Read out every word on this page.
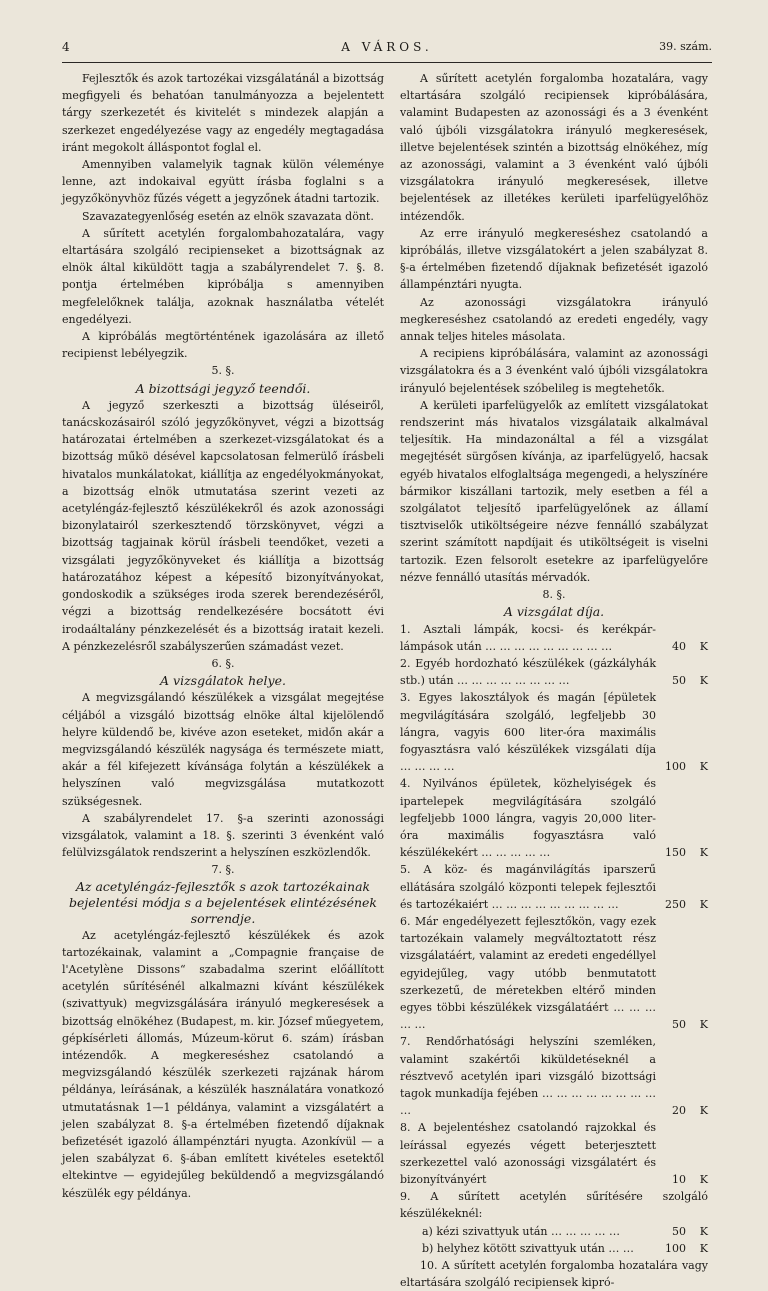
4	A VÁROS.	39. szám.

Fejlesztők és azok tartozékai vizsgálatánál a bizottság megfigyeli és behatóan tanulmányozza a bejelentett tárgy szerkezetét és kivitelét s mindezek alapján a szerkezet engedélyezése vagy az engedély megtagadása iránt megokolt álláspontot foglal el.

Amennyiben valamelyik tagnak külön véleménye lenne, azt indokaival együtt írásba foglalni s a jegyzőkönyvhöz fűzés végett a jegyzőnek átadni tartozik.

Szavazategyenlőség esetén az elnök szavazata dönt.

A sűrített acetylén forgalombahozatalára, vagy eltartására szolgáló recipienseket a bizottságnak az elnök által kiküldött tagja a szabályrendelet 7. §. 8. pontja értelmében kipróbálja s amennyiben megfelelőknek találja, azoknak használatba vételét engedélyezi.

A kipróbálás megtörténtének igazolására az illető recipienst lebélyegzik.

5. §.

A bizottsági jegyző teendői.

A jegyző szerkeszti a bizottság üléseiről, tanácskozásairól szóló jegyzőkönyvet, végzi a bizottság határozatai értelmében a szerkezet-vizsgálatokat és a bizottság műkö désével kapcsolatosan felmerülő írásbeli hivatalos munkálatokat, kiállítja az engedélyokmányokat, a bizottság elnök utmutatása szerint vezeti az acetyléngáz-fejlesztő készülékekről és azok azonossági bizonylatairól szerkesztendő törzskönyvet, végzi a bizottság tagjainak körül írásbeli teendőket, vezeti a vizsgálati jegyzőkönyveket és kiállítja a bizottság határozatához képest a képesítő bizonyítványokat, gondoskodik a szükséges iroda szerek berendezéséről, végzi a bizottság rendelkezésére bocsátott évi irodaáltalány pénzkezelését és a bizottság iratait kezeli. A pénzkezelésről szabályszerűen számadást vezet.

6. §.

A vizsgálatok helye.

A megvizsgálandó készülékek a vizsgálat megejtése céljából a vizsgáló bizottság elnöke által kijelölendő helyre küldendő be, kivéve azon eseteket, midőn akár a megvizsgálandó készülék nagysága és természete miatt, akár a fél kifejezett kívánsága folytán a készülékek a helyszínen való megvizsgálása mutatkozott szükségesnek.

A szabályrendelet 17. §-a szerinti azonossági vizsgálatok, valamint a 18. §. szerinti 3 évenként való felülvizsgálatok rendszerint a helyszínen eszközlendők.

7. §.

Az acetyléngáz-fejlesztők s azok tartozékainak bejelentési módja s a bejelentések elintézésének sorrendje.

Az acetyléngáz-fejlesztő készülékek és azok tartozékainak, valamint a „Compagnie française de l'Acetylène Dissons“ szabadalma szerint előállított acetylén sűrítésénél alkalmazni kívánt készülékek (szivattyuk) megvizsgálására irányuló megkeresések a bizottság elnökéhez (Budapest, m. kir. József műegyetem, gépkísérleti állomás, Múzeum-körut 6. szám) írásban intézendők. A megkereséshez csatolandó a megvizsgálandó készülék szerkezeti rajzának három példánya, leírásának, a készülék használatára vonatkozó utmutatásnak 1—1 példánya, valamint a vizsgálatért a jelen szabályzat 8. §-a értelmében fizetendő díjaknak befizetését igazoló állampénztári nyugta. Azonkívül — a jelen szabályzat 6. §-ában említett kivételes esetektől eltekintve — egyidejűleg beküldendő a megvizsgálandó készülék egy példánya.

A sűrített acetylén forgalomba hozatalára, vagy eltartására szolgáló recipiensek kipróbálására, valamint Budapesten az azonossági és a 3 évenként való újbóli vizsgálatokra irányuló megkeresések, illetve bejelentések szintén a bizottság elnökéhez, míg az azonossági, valamint a 3 évenként való újbóli vizsgálatokra irányuló megkeresések, illetve bejelentések az illetékes kerületi iparfelügyelőhöz intézendők.

Az erre irányuló megkereséshez csatolandó a kipróbálás, illetve vizsgálatokért a jelen szabályzat 8. §-a értelmében fizetendő díjaknak befizetését igazoló állampénztári nyugta.

Az azonossági vizsgálatokra irányuló megkereséshez csatolandó az eredeti engedély, vagy annak teljes hiteles másolata.

A recipiens kipróbálására, valamint az azonossági vizsgálatokra és a 3 évenként való újbóli vizsgálatokra irányuló bejelentések szóbelileg is megtehetők.

A kerületi iparfelügyelők az említett vizsgálatokat rendszerint más hivatalos vizsgálataik alkalmával teljesítik. Ha mindazonáltal a fél a vizsgálat megejtését sürgősen kívánja, az iparfelügyelő, hacsak egyéb hivatalos elfoglaltsága megengedi, a helyszínére bármikor kiszállani tartozik, mely esetben a fél a szolgálatot teljesítő iparfelügyelőnek az államí tisztviselők utiköltségeire nézve fennálló szabályzat szerint számított napdíjait és utiköltségeit is viselni tartozik. Ezen felsorolt esetekre az iparfelügyelőre nézve fennálló utasítás mérvadók.

8. §.

A vizsgálat díja.

1. Asztali lámpák, kocsi- és kerékpár-lámpások után … … … … … … … … …	40	K
2. Egyéb hordozható készülékek (gázkályhák stb.) után … … … … … … … …	50	K
3. Egyes lakosztályok és magán [épületek megvilágítására szolgáló, legfeljebb 30 lángra, vagyis 600 liter-óra maximális fogyasztásra való készülékek vizsgálati díja … … … …	100	K
4. Nyilvános épületek, közhelyiségek és ipartelepek megvilágítására szolgáló legfeljebb 1000 lángra, vagyis 20,000 liter-óra maximális fogyasztásra való készülékekért … … … … …	150	K
5. A köz- és magánvilágítás iparszerű ellátására szolgáló központi telepek fejlesztői és tartozékaiért … … … … … … … … …	250	K
6. Már engedélyezett fejlesztőkön, vagy ezek tartozékain valamely megváltoztatott rész vizsgálatáért, valamint az eredeti engedéllyel egyidejűleg, vagy utóbb benmutatott szerkezetű, de méretekben eltérő minden egyes többi készülékek vizsgálatáért … … … … …	50	K
7. Rendőrhatósági helyszíni szemléken, valamint szakértői kiküldetéseknél a résztvevő acetylén ipari vizsgáló bizottsági tagok munkadíja fejében … … … … … … … … …	20	K
8. A bejelentéshez csatolandó rajzokkal és leírással egyezés végett beterjesztett szerkezettel való azonossági vizsgálatért és bizonyítványért	10	K
9. A sűrített acetylén sűrítésére szolgáló készülékeknél:
a) kézi szivattyuk után … … … … …	50	K
b) helyhez kötött szivattyuk után … …	100	K

10. A sűrített acetylén forgalomba hozatalára vagy eltartására szolgáló recipiensek kipró-
